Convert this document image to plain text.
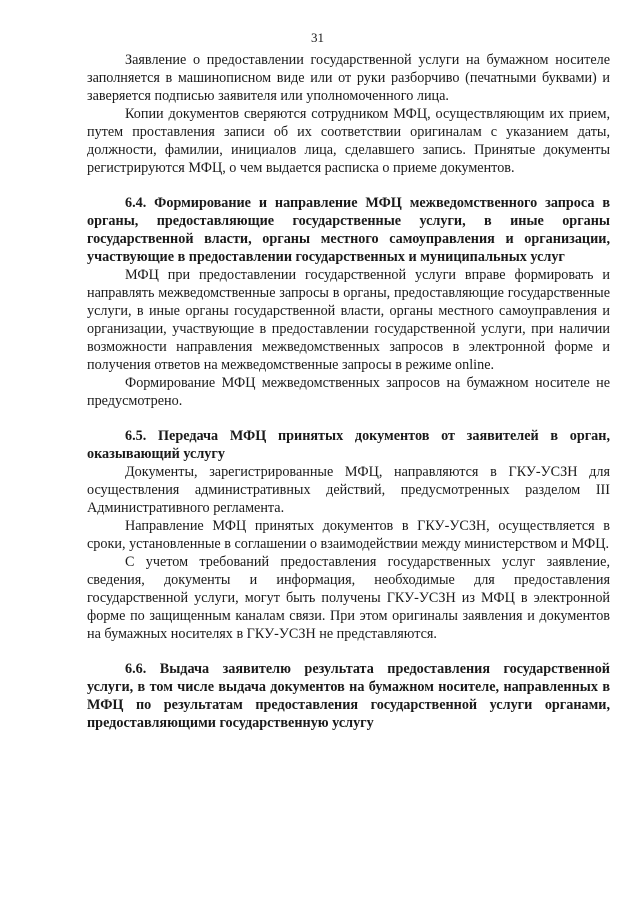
31

Заявление о предоставлении государственной услуги на бумажном носителе заполняется в машинописном виде или от руки разборчиво (печатными буквами) и заверяется подписью заявителя или уполномоченного лица.

Копии документов сверяются сотрудником МФЦ, осуществляющим их прием, путем проставления записи об их соответствии оригиналам с указанием даты, должности, фамилии, инициалов лица, сделавшего запись. Принятые документы регистрируются МФЦ, о чем выдается расписка о приеме документов.

6.4. Формирование и направление МФЦ межведомственного запроса в органы, предоставляющие государственные услуги, в иные органы государственной власти, органы местного самоуправления и организации, участвующие в предоставлении государственных и муниципальных услуг

МФЦ при предоставлении государственной услуги вправе формировать и направлять межведомственные запросы в органы, предоставляющие государственные услуги, в иные органы государственной власти, органы местного самоуправления и организации, участвующие в предоставлении государственной услуги, при наличии возможности направления межведомственных запросов в электронной форме и получения ответов на межведомственные запросы в режиме online.

Формирование МФЦ межведомственных запросов на бумажном носителе не предусмотрено.

6.5. Передача МФЦ принятых документов от заявителей в орган, оказывающий услугу

Документы, зарегистрированные МФЦ, направляются в ГКУ-УСЗН для осуществления административных действий, предусмотренных разделом III Административного регламента.

Направление МФЦ принятых документов в ГКУ-УСЗН, осуществляется в сроки, установленные в соглашении о взаимодействии между министерством и МФЦ.

С учетом требований предоставления государственных услуг заявление, сведения, документы и информация, необходимые для предоставления государственной услуги, могут быть получены ГКУ-УСЗН из МФЦ в электронной форме по защищенным каналам связи. При этом оригиналы заявления и документов на бумажных носителях в ГКУ-УСЗН не представляются.

6.6. Выдача заявителю результата предоставления государственной услуги, в том числе выдача документов на бумажном носителе, направленных в МФЦ по результатам предоставления государственной услуги органами, предоставляющими государственную услугу
